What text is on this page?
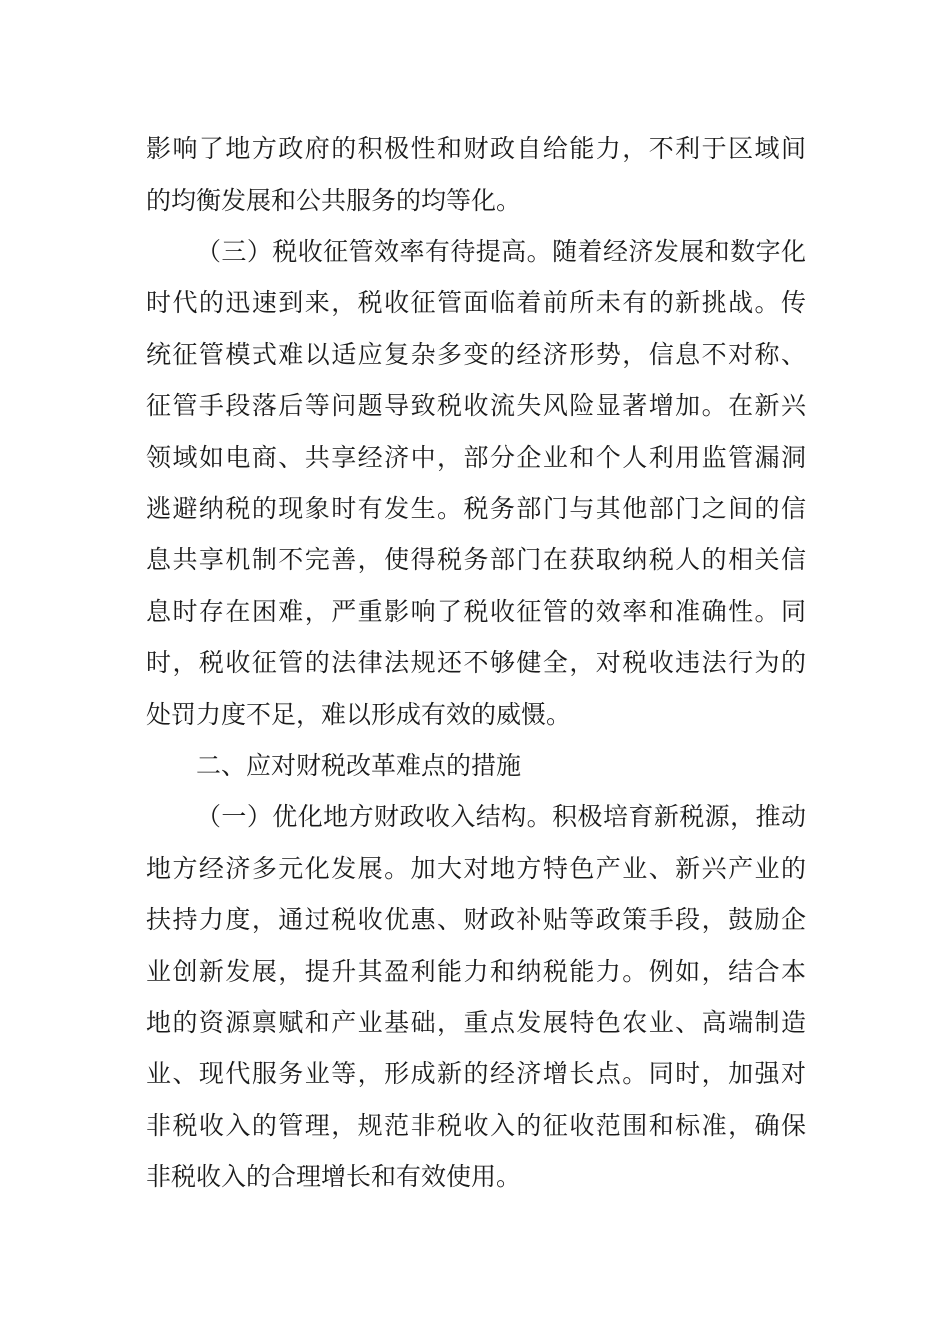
影响了地方政府的积极性和财政自给能力，不利于区域间
的均衡发展和公共服务的均等化。
（三）税收征管效率有待提高。随着经济发展和数字化
时代的迅速到来，税收征管面临着前所未有的新挑战。传
统征管模式难以适应复杂多变的经济形势，信息不对称、
征管手段落后等问题导致税收流失风险显著增加。在新兴
领域如电商、共享经济中，部分企业和个人利用监管漏洞
逃避纳税的现象时有发生。税务部门与其他部门之间的信
息共享机制不完善，使得税务部门在获取纳税人的相关信
息时存在困难，严重影响了税收征管的效率和准确性。同
时，税收征管的法律法规还不够健全，对税收违法行为的
处罚力度不足，难以形成有效的威慑。
二、应对财税改革难点的措施
（一）优化地方财政收入结构。积极培育新税源，推动
地方经济多元化发展。加大对地方特色产业、新兴产业的
扶持力度，通过税收优惠、财政补贴等政策手段，鼓励企
业创新发展，提升其盈利能力和纳税能力。例如，结合本
地的资源禀赋和产业基础，重点发展特色农业、高端制造
业、现代服务业等，形成新的经济增长点。同时，加强对
非税收入的管理，规范非税收入的征收范围和标准，确保
非税收入的合理增长和有效使用。
